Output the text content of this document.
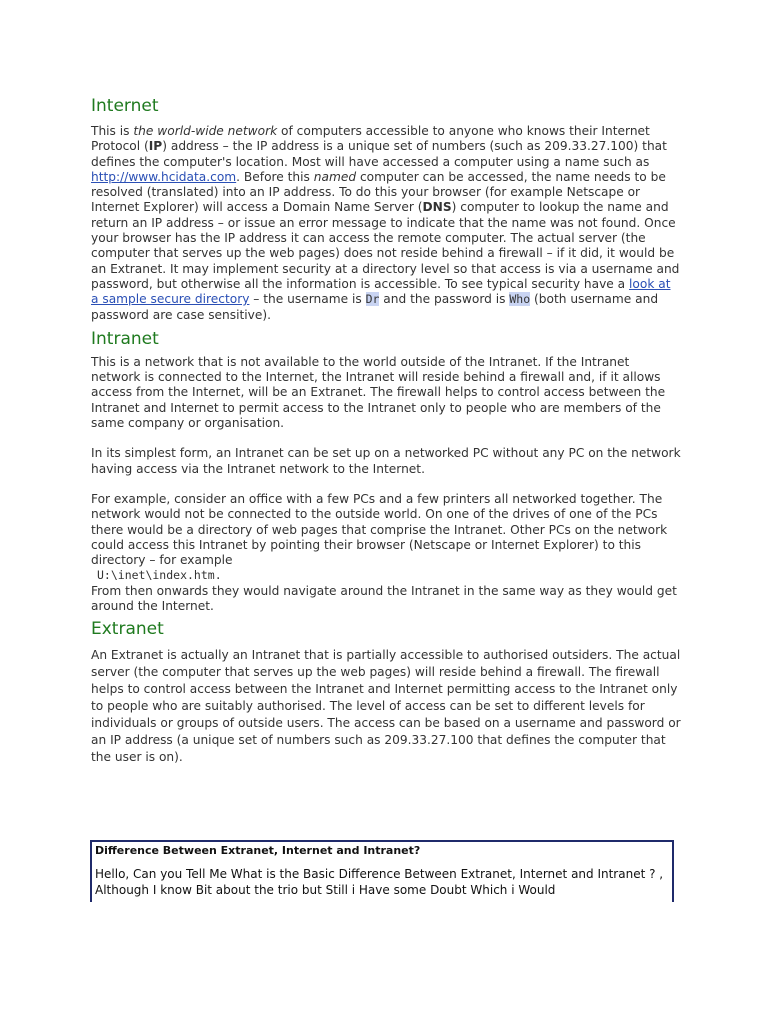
Internet

This is the world-wide network of computers accessible to anyone who knows their Internet Protocol (IP) address – the IP address is a unique set of numbers (such as 209.33.27.100) that defines the computer's location. Most will have accessed a computer using a name such as http://www.hcidata.com. Before this named computer can be accessed, the name needs to be resolved (translated) into an IP address. To do this your browser (for example Netscape or Internet Explorer) will access a Domain Name Server (DNS) computer to lookup the name and return an IP address – or issue an error message to indicate that the name was not found. Once your browser has the IP address it can access the remote computer. The actual server (the computer that serves up the web pages) does not reside behind a firewall – if it did, it would be an Extranet. It may implement security at a directory level so that access is via a username and password, but otherwise all the information is accessible. To see typical security have a look at a sample secure directory – the username is Dr and the password is Who (both username and password are case sensitive).

Intranet

This is a network that is not available to the world outside of the Intranet. If the Intranet network is connected to the Internet, the Intranet will reside behind a firewall and, if it allows access from the Internet, will be an Extranet. The firewall helps to control access between the Intranet and Internet to permit access to the Intranet only to people who are members of the same company or organisation.

In its simplest form, an Intranet can be set up on a networked PC without any PC on the network having access via the Intranet network to the Internet.

For example, consider an office with a few PCs and a few printers all networked together. The network would not be connected to the outside world. On one of the drives of one of the PCs there would be a directory of web pages that comprise the Intranet. Other PCs on the network could access this Intranet by pointing their browser (Netscape or Internet Explorer) to this directory – for example
U:\inet\index.htm.
From then onwards they would navigate around the Intranet in the same way as they would get around the Internet.

Extranet

An Extranet is actually an Intranet that is partially accessible to authorised outsiders. The actual server (the computer that serves up the web pages) will reside behind a firewall. The firewall helps to control access between the Intranet and Internet permitting access to the Intranet only to people who are suitably authorised. The level of access can be set to different levels for individuals or groups of outside users. The access can be based on a username and password or an IP address (a unique set of numbers such as 209.33.27.100 that defines the computer that the user is on).

Difference Between Extranet, Internet and Intranet?
Hello, Can you Tell Me What is the Basic Difference Between Extranet, Internet and Intranet ? , Although I know Bit about the trio but Still i Have some Doubt Which i Would
